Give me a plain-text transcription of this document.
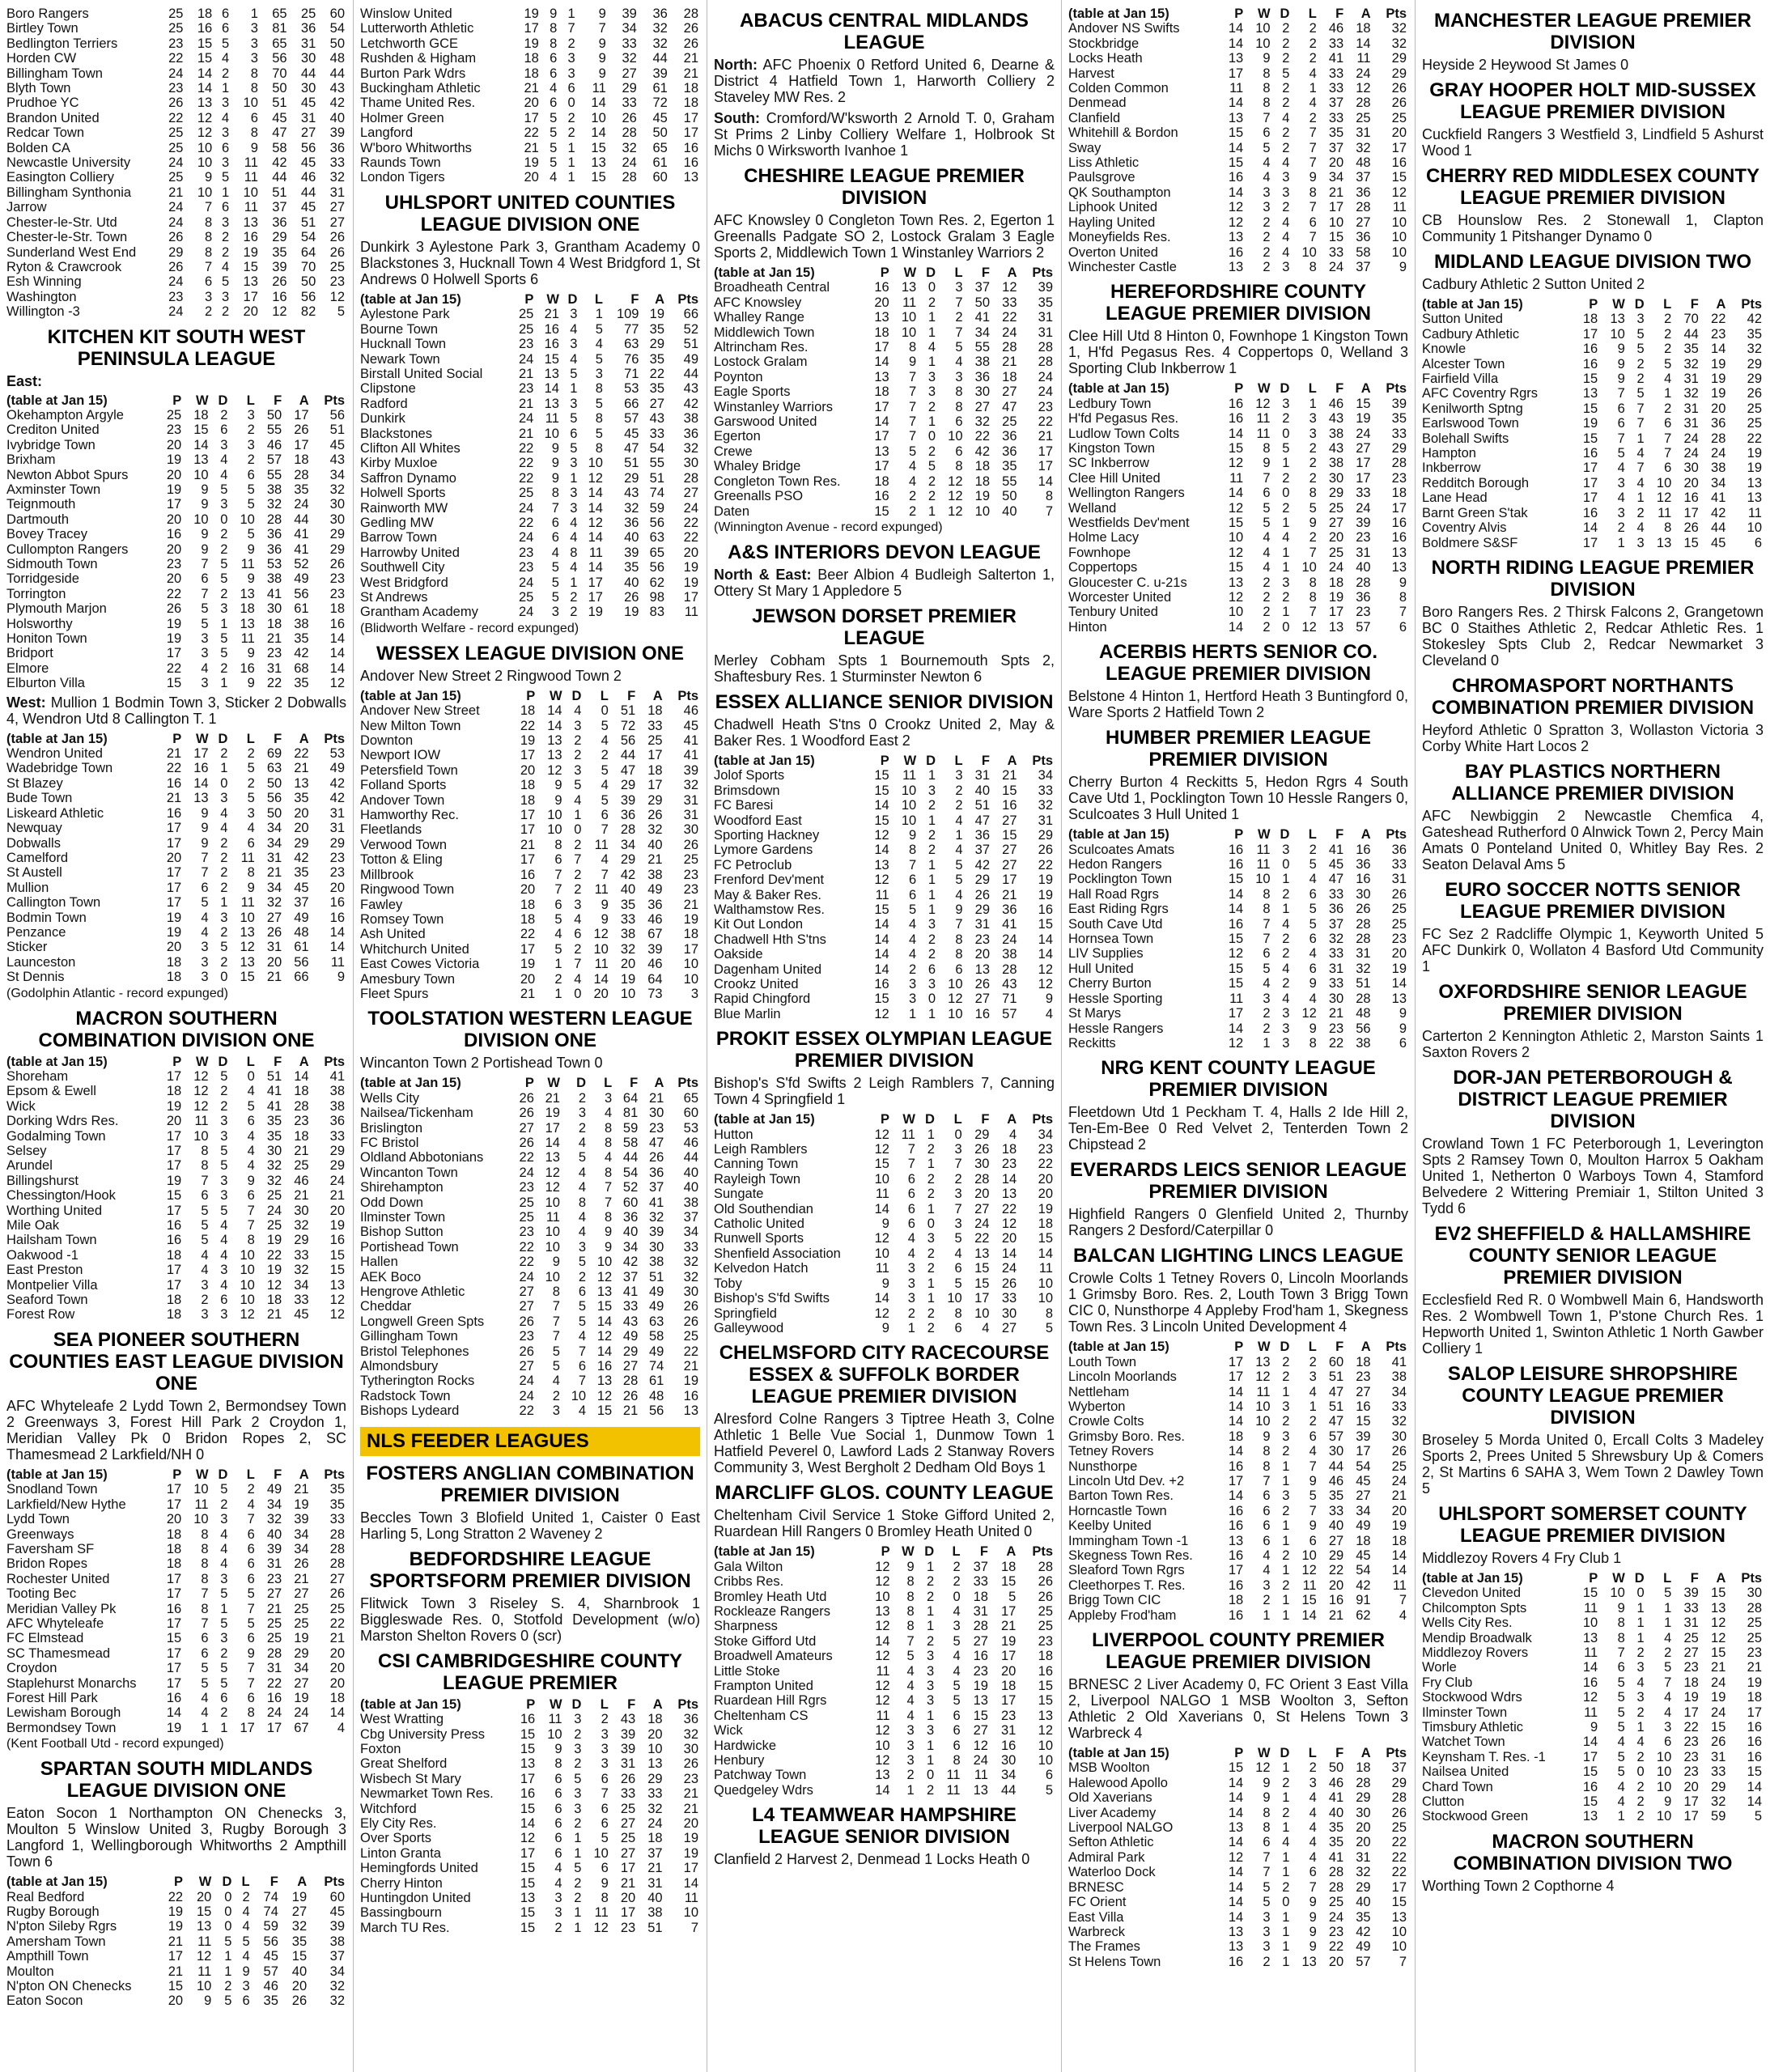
Boro Rangers	25	18	6	1	65	25	60
Birtley Town	25	16	6	3	81	36	54
Bedlington Terriers	23	15	5	3	65	31	50
Horden CW	22	15	4	3	56	30	48
Billingham Town	24	14	2	8	70	44	44
Blyth Town	23	14	1	8	50	30	43
Prudhoe YC	26	13	3	10	51	45	42
Brandon United	22	12	4	6	45	31	40
Redcar Town	25	12	3	8	47	27	39
Bolden CA	25	10	6	9	58	56	36
Newcastle University	24	10	3	11	42	45	33
Easington Colliery	25	9	5	11	44	46	32
Billingham Synthonia	21	10	1	10	51	44	31
Jarrow	24	7	6	11	37	45	27
Chester-le-Str. Utd	24	8	3	13	36	51	27
Chester-le-Str. Town	26	8	2	16	29	54	26
Sunderland West End	29	8	2	19	35	64	26
Ryton & Crawcrook	26	7	4	15	39	70	25
Esh Winning	24	6	5	13	26	50	23
Washington	23	3	3	17	16	56	12
Willington -3	24	2	2	20	12	82	5
KITCHEN KIT SOUTH WEST PENINSULA LEAGUE
East:
(table at Jan 15)	P	W	D	L	F	A	Pts
Okehampton Argyle	25	18	2	3	50	17	56
Crediton United	23	15	6	2	55	26	51
Ivybridge Town	20	14	3	3	46	17	45
Brixham	19	13	4	2	57	18	43
Newton Abbot Spurs	20	10	4	6	55	28	34
Axminster Town	19	9	5	5	38	35	32
Teignmouth	17	9	3	5	32	24	30
Dartmouth	20	10	0	10	28	44	30
Bovey Tracey	16	9	2	5	36	41	29
Cullompton Rangers	20	9	2	9	36	41	29
Sidmouth Town	23	7	5	11	53	52	26
Torridgeside	20	6	5	9	38	49	23
Torrington	22	7	2	13	41	56	23
Plymouth Marjon	26	5	3	18	30	61	18
Holsworthy	19	5	1	13	18	38	16
Honiton Town	19	3	5	11	21	35	14
Bridport	17	3	5	9	23	42	14
Elmore	22	4	2	16	31	68	14
Elburton Villa	15	3	1	9	22	35	12
West: Mullion 1 Bodmin Town 3, Sticker 2 Dobwalls 4, Wendron Utd 8 Callington T. 1
(table at Jan 15)	P	W	D	L	F	A	Pts
Wendron United	21	17	2	2	69	22	53
Wadebridge Town	22	16	1	5	63	21	49
St Blazey	16	14	0	2	50	13	42
Bude Town	21	13	3	5	56	35	42
Liskeard Athletic	16	9	4	3	50	20	31
Newquay	17	9	4	4	34	20	31
Dobwalls	17	9	2	6	34	29	29
Camelford	20	7	2	11	31	42	23
St Austell	17	7	2	8	21	35	23
Mullion	17	6	2	9	34	45	20
Callington Town	17	5	1	11	32	37	16
Bodmin Town	19	4	3	10	27	49	16
Penzance	19	4	2	13	26	48	14
Sticker	20	3	5	12	31	61	14
Launceston	18	3	2	13	20	56	11
St Dennis	18	3	0	15	21	66	9
(Godolphin Atlantic - record expunged)
MACRON SOUTHERN COMBINATION DIVISION ONE
(table at Jan 15)	P	W	D	L	F	A	Pts
Shoreham	17	12	5	0	51	14	41
Epsom & Ewell	18	12	2	4	41	18	38
Wick	19	12	2	5	41	28	38
Dorking Wdrs Res.	20	11	3	6	35	23	36
Godalming Town	17	10	3	4	35	18	33
Selsey	17	8	5	4	30	21	29
Arundel	17	8	5	4	32	25	29
Billingshurst	19	7	3	9	32	46	24
Chessington/Hook	15	6	3	6	25	21	21
Worthing United	17	5	5	7	24	30	20
Mile Oak	16	5	4	7	25	32	19
Hailsham Town	16	5	4	8	19	29	16
Oakwood -1	18	4	4	10	22	33	15
East Preston	17	4	3	10	19	32	15
Montpelier Villa	17	3	4	10	12	34	13
Seaford Town	18	2	6	10	18	33	12
Forest Row	18	3	3	12	21	45	12
SEA PIONEER SOUTHERN COUNTIES EAST LEAGUE DIVISION ONE
AFC Whyteleafe 2 Lydd Town 2, Bermondsey Town 2 Greenways 3, Forest Hill Park 2 Croydon 1, Meridian Valley Pk 0 Bridon Ropes 2, SC Thamesmead 2 Larkfield/NH 0
(table at Jan 15)	P	W	D	L	F	A	Pts
Snodland Town	17	10	5	2	49	21	35
Larkfield/New Hythe	17	11	2	4	34	19	35
Lydd Town	20	10	3	7	32	39	33
Greenways	18	8	4	6	40	34	28
Faversham SF	18	8	4	6	39	34	28
Bridon Ropes	18	8	4	6	31	26	28
Rochester United	17	8	3	6	23	21	27
Tooting Bec	17	7	5	5	27	27	26
Meridian Valley Pk	16	8	1	7	21	25	25
AFC Whyteleafe	17	7	5	5	25	25	22
FC Elmstead	15	6	3	6	25	19	21
SC Thamesmead	17	6	2	9	28	29	20
Croydon	17	5	5	7	31	34	20
Staplehurst Monarchs	17	5	5	7	22	27	20
Forest Hill Park	16	4	6	6	16	19	18
Lewisham Borough	14	4	2	8	24	24	14
Bermondsey Town	19	1	1	17	17	67	4
(Kent Football Utd - record expunged)
SPARTAN SOUTH MIDLANDS LEAGUE DIVISION ONE
Eaton Socon 1 Northampton ON Chenecks 3, Moulton 5 Winslow United 3, Rugby Borough 3 Langford 1, Wellingborough Whitworths 2 Ampthill Town 6
(table at Jan 15)	P	W	D	L	F	A	Pts
Real Bedford	22	20	0	2	74	19	60
Rugby Borough	19	15	0	4	74	27	45
N'pton Sileby Rgrs	19	13	0	4	59	32	39
Amersham Town	21	11	5	5	56	35	38
Ampthill Town	17	12	1	4	45	15	37
Moulton	21	11	1	9	57	40	34
N'pton ON Chenecks	15	10	2	3	46	20	32
Eaton Socon	20	9	5	6	35	26	32
Winslow United	19	9	1	9	39	36	28
Lutterworth Athletic	17	8	7	7	34	32	26
Letchworth GCE	19	8	2	9	33	32	26
Rushden & Higham	18	6	3	9	32	44	21
Burton Park Wdrs	18	6	3	9	27	39	21
Buckingham Athletic	21	4	6	11	29	61	18
Thame United Res.	20	6	0	14	33	72	18
Holmer Green	17	5	2	10	26	45	17
Langford	22	5	2	14	28	50	17
W'boro Whitworths	21	5	1	15	32	65	16
Raunds Town	19	5	1	13	24	61	16
London Tigers	20	4	1	15	28	60	13
UHLSPORT UNITED COUNTIES LEAGUE DIVISION ONE
Dunkirk 3 Aylestone Park 3, Grantham Academy 0 Blackstones 3, Hucknall Town 4 West Bridgford 1, St Andrews 0 Holwell Sports 6
(table at Jan 15)	P	W	D	L	F	A	Pts
Aylestone Park	25	21	3	1	109	19	66
Bourne Town	25	16	4	5	77	35	52
Hucknall Town	23	16	3	4	63	29	51
Newark Town	24	15	4	5	76	35	49
Birstall United Social	21	13	5	3	71	22	44
Clipstone	23	14	1	8	53	35	43
Radford	21	13	3	5	66	27	42
Dunkirk	24	11	5	8	57	43	38
Blackstones	21	10	6	5	45	33	36
Clifton All Whites	22	9	5	8	47	54	32
Kirby Muxloe	22	9	3	10	51	55	30
Saffron Dynamo	22	9	1	12	29	51	28
Holwell Sports	25	8	3	14	43	74	27
Rainworth MW	24	7	3	14	32	59	24
Gedling MW	22	6	4	12	36	56	22
Barrow Town	24	6	4	14	40	63	22
Harrowby United	23	4	8	11	39	65	20
Southwell City	23	5	4	14	35	56	19
West Bridgford	24	5	1	17	40	62	19
St Andrews	25	5	2	17	26	98	17
Grantham Academy	24	3	2	19	19	83	11
(Blidworth Welfare - record expunged)
WESSEX LEAGUE DIVISION ONE
Andover New Street 2 Ringwood Town 2
(table at Jan 15)	P	W	D	L	F	A	Pts
Andover New Street	18	14	4	0	51	18	46
New Milton Town	22	14	3	5	72	33	45
Downton	19	13	2	4	56	25	41
Newport IOW	17	13	2	2	44	17	41
Petersfield Town	20	12	3	5	47	18	39
Folland Sports	18	9	5	4	29	17	32
Andover Town	18	9	4	5	39	29	31
Hamworthy Rec.	17	10	1	6	36	26	31
Fleetlands	17	10	0	7	28	32	30
Verwood Town	21	8	2	11	34	40	26
Totton & Eling	17	6	7	4	29	21	25
Millbrook	16	7	2	7	42	38	23
Ringwood Town	20	7	2	11	40	49	23
Fawley	18	6	3	9	35	36	21
Romsey Town	18	5	4	9	33	46	19
Ash United	22	4	6	12	38	67	18
Whitchurch United	17	5	2	10	32	39	17
East Cowes Victoria	19	1	7	11	20	46	10
Amesbury Town	20	2	4	14	19	64	10
Fleet Spurs	21	1	0	20	10	73	3
TOOLSTATION WESTERN LEAGUE DIVISION ONE
Wincanton Town 2 Portishead Town 0
(table at Jan 15)	P	W	D	L	F	A	Pts
Wells City	26	21	2	3	64	21	65
Nailsea/Tickenham	26	19	3	4	81	30	60
Brislington	27	17	2	8	59	23	53
FC Bristol	26	14	4	8	58	47	46
Oldland Abbotonians	22	13	5	4	44	26	44
Wincanton Town	24	12	4	8	54	36	40
Shirehampton	23	12	4	7	52	37	40
Odd Down	25	10	8	7	60	41	38
Ilminster Town	25	11	4	8	36	32	37
Bishop Sutton	23	10	4	9	40	39	34
Portishead Town	22	10	3	9	34	30	33
Hallen	22	9	5	10	42	38	32
AEK Boco	24	10	2	12	37	51	32
Hengrove Athletic	27	8	6	13	41	49	30
Cheddar	27	7	5	15	33	49	26
Longwell Green Spts	26	7	5	14	43	63	26
Gillingham Town	23	7	4	12	49	58	25
Bristol Telephones	26	5	7	14	29	49	22
Almondsbury	27	5	6	16	27	74	21
Tytherington Rocks	24	4	7	13	28	61	19
Radstock Town	24	2	10	12	26	48	16
Bishops Lydeard	22	3	4	15	21	56	13
NLS FEEDER LEAGUES
FOSTERS ANGLIAN COMBINATION PREMIER DIVISION
Beccles Town 3 Blofield United 1, Caister 0 East Harling 5, Long Stratton 2 Waveney 2
BEDFORDSHIRE LEAGUE SPORTSFORM PREMIER DIVISION
Flitwick Town 3 Riseley S. 4, Sharnbrook 1 Biggleswade Res. 0, Stotfold Development (w/o) Marston Shelton Rovers 0 (scr)
CSI CAMBRIDGESHIRE COUNTY LEAGUE PREMIER
(table at Jan 15)	P	W	D	L	F	A	Pts
West Wratting	16	11	3	2	43	18	36
Cbg University Press	15	10	2	3	39	20	32
Foxton	15	9	3	3	39	10	30
Great Shelford	13	8	2	3	31	13	26
Wisbech St Mary	17	6	5	6	26	29	23
Newmarket Town Res.	16	6	3	7	33	33	21
Witchford	15	6	3	6	25	32	21
Ely City Res.	14	6	2	6	27	24	20
Over Sports	12	6	1	5	25	18	19
Linton Granta	17	6	1	10	27	37	19
Hemingfords United	15	4	5	6	17	21	17
Cherry Hinton	15	4	2	9	21	31	14
Huntingdon United	13	3	2	8	20	40	11
Bassingbourn	15	3	1	11	17	38	10
March TU Res.	15	2	1	12	23	51	7
ABACUS CENTRAL MIDLANDS LEAGUE
North: AFC Phoenix 0 Retford United 6, Dearne & District 4 Hatfield Town 1, Harworth Colliery 2 Staveley MW Res. 2
South: Cromford/W'ksworth 2 Arnold T. 0, Graham St Prims 2 Linby Colliery Welfare 1, Holbrook St Michs 0 Wirksworth Ivanhoe 1
CHESHIRE LEAGUE PREMIER DIVISION
AFC Knowsley 0 Congleton Town Res. 2, Egerton 1 Greenalls Padgate SO 2, Lostock Gralam 3 Eagle Sports 2, Middlewich Town 1 Winstanley Warriors 2
(table at Jan 15)	P	W	D	L	F	A	Pts
Broadheath Central	16	13	0	3	37	12	39
AFC Knowsley	20	11	2	7	50	33	35
Whalley Range	13	10	1	2	41	22	31
Middlewich Town	18	10	1	7	34	24	31
Altrincham Res.	17	8	4	5	55	28	28
Lostock Gralam	14	9	1	4	38	21	28
Poynton	13	7	3	3	36	18	24
Eagle Sports	18	7	3	8	30	27	24
Winstanley Warriors	17	7	2	8	27	47	23
Garswood United	14	7	1	6	32	25	22
Egerton	17	7	0	10	22	36	21
Crewe	13	5	2	6	42	36	17
Whaley Bridge	17	4	5	8	18	35	17
Congleton Town Res.	18	4	2	12	18	55	14
Greenalls PSO	16	2	2	12	19	50	8
Daten	15	2	1	12	10	40	7
(Winnington Avenue - record expunged)
A&S INTERIORS DEVON LEAGUE
North & East: Beer Albion 4 Budleigh Salterton 1, Ottery St Mary 1 Appledore 5
JEWSON DORSET PREMIER LEAGUE
Merley Cobham Spts 1 Bournemouth Spts 2, Shaftesbury Res. 1 Sturminster Newton 6
ESSEX ALLIANCE SENIOR DIVISION
Chadwell Heath S'tns 0 Crookz United 2, May & Baker Res. 1 Woodford East 2
(table at Jan 15)	P	W	D	L	F	A	Pts
Jolof Sports	15	11	1	3	31	21	34
Brimsdown	15	10	3	2	40	15	33
FC Baresi	14	10	2	2	51	16	32
Woodford East	15	10	1	4	47	27	31
Sporting Hackney	12	9	2	1	36	15	29
Lymore Gardens	14	8	2	4	37	27	26
FC Petroclub	13	7	1	5	42	27	22
Frenford Dev'ment	12	6	1	5	29	17	19
May & Baker Res.	11	6	1	4	26	21	19
Walthamstow Res.	15	5	1	9	29	36	16
Kit Out London	14	4	3	7	31	41	15
Chadwell Hth S'tns	14	4	2	8	23	24	14
Oakside	14	4	2	8	20	38	14
Dagenham United	14	2	6	6	13	28	12
Crookz United	16	3	3	10	26	43	12
Rapid Chingford	15	3	0	12	27	71	9
Blue Marlin	12	1	1	10	16	57	4
PROKIT ESSEX OLYMPIAN LEAGUE PREMIER DIVISION
Bishop's S'fd Swifts 2 Leigh Ramblers 7, Canning Town 4 Springfield 1
(table at Jan 15)	P	W	D	L	F	A	Pts
Hutton	12	11	1	0	29	4	34
Leigh Ramblers	12	7	2	3	26	18	23
Canning Town	15	7	1	7	30	23	22
Rayleigh Town	10	6	2	2	28	14	20
Sungate	11	6	2	3	20	13	20
Old Southendian	14	6	1	7	27	22	19
Catholic United	9	6	0	3	24	12	18
Runwell Sports	12	4	3	5	22	20	15
Shenfield Association	10	4	2	4	13	14	14
Kelvedon Hatch	11	3	2	6	15	24	11
Toby	9	3	1	5	15	26	10
Bishop's S'fd Swifts	14	3	1	10	17	33	10
Springfield	12	2	2	8	10	30	8
Galleywood	9	1	2	6	4	27	5
CHELMSFORD CITY RACECOURSE ESSEX & SUFFOLK BORDER LEAGUE PREMIER DIVISION
Alresford Colne Rangers 3 Tiptree Heath 3, Colne Athletic 1 Belle Vue Social 1, Dunmow Town 1 Hatfield Peverel 0, Lawford Lads 2 Stanway Rovers Community 3, West Bergholt 2 Dedham Old Boys 1
MARCLIFF GLOS. COUNTY LEAGUE
Cheltenham Civil Service 1 Stoke Gifford United 2, Ruardean Hill Rangers 0 Bromley Heath United 0
(table at Jan 15)	P	W	D	L	F	A	Pts
Gala Wilton	12	9	1	2	37	18	28
Cribbs Res.	12	8	2	2	33	15	26
Bromley Heath Utd	10	8	2	0	18	5	26
Rockleaze Rangers	13	8	1	4	31	17	25
Sharpness	12	8	1	3	28	21	25
Stoke Gifford Utd	14	7	2	5	27	19	23
Broadwell Amateurs	12	5	3	4	16	17	18
Little Stoke	11	4	3	4	23	20	16
Frampton United	12	4	3	5	19	18	15
Ruardean Hill Rgrs	12	4	3	5	13	17	15
Cheltenham CS	11	4	1	6	15	23	13
Wick	12	3	3	6	27	31	12
Hardwicke	10	3	1	6	12	16	10
Henbury	12	3	1	8	24	30	10
Patchway Town	13	2	0	11	11	34	6
Quedgeley Wdrs	14	1	2	11	13	44	5
L4 TEAMWEAR HAMPSHIRE LEAGUE SENIOR DIVISION
Clanfield 2 Harvest 2, Denmead 1 Locks Heath 0
(table at Jan 15)	P	W	D	L	F	A	Pts
Andover NS Swifts	14	10	2	2	46	18	32
Stockbridge	14	10	2	2	33	14	32
Locks Heath	13	9	2	2	41	11	29
Harvest	17	8	5	4	33	24	29
Colden Common	11	8	2	1	33	12	26
Denmead	14	8	2	4	37	28	26
Clanfield	13	7	4	2	33	25	25
Whitehill & Bordon	15	6	2	7	35	31	20
Sway	14	5	2	7	37	32	17
Liss Athletic	15	4	4	7	20	48	16
Paulsgrove	16	4	3	9	34	37	15
QK Southampton	14	3	3	8	21	36	12
Liphook United	12	3	2	7	17	28	11
Hayling United	12	2	4	6	10	27	10
Moneyfields Res.	13	2	4	7	15	36	10
Overton United	16	2	4	10	33	58	10
Winchester Castle	13	2	3	8	24	37	9
HEREFORDSHIRE COUNTY LEAGUE PREMIER DIVISION
Clee Hill Utd 8 Hinton 0, Fownhope 1 Kingston Town 1, H'fd Pegasus Res. 4 Coppertops 0, Welland 3 Sporting Club Inkberrow 1
(table at Jan 15)	P	W	D	L	F	A	Pts
Ledbury Town	16	12	3	1	46	15	39
H'fd Pegasus Res.	16	11	2	3	43	19	35
Ludlow Town Colts	14	11	0	3	38	24	33
Kingston Town	15	8	5	2	43	27	29
SC Inkberrow	12	9	1	2	38	17	28
Clee Hill United	11	7	2	2	30	17	23
Wellington Rangers	14	6	0	8	29	33	18
Welland	12	5	2	5	25	24	17
Westfields Dev'ment	15	5	1	9	27	39	16
Holme Lacy	10	4	4	2	20	23	16
Fownhope	12	4	1	7	25	31	13
Coppertops	15	4	1	10	24	40	13
Gloucester C. u-21s	13	2	3	8	18	28	9
Worcester United	12	2	2	8	19	36	8
Tenbury United	10	2	1	7	17	23	7
Hinton	14	2	0	12	13	57	6
ACERBIS HERTS SENIOR CO. LEAGUE PREMIER DIVISION
Belstone 4 Hinton 1, Hertford Heath 3 Buntingford 0, Ware Sports 2 Hatfield Town 2
HUMBER PREMIER LEAGUE PREMIER DIVISION
Cherry Burton 4 Reckitts 5, Hedon Rgrs 4 South Cave Utd 1, Pocklington Town 10 Hessle Rangers 0, Sculcoates 3 Hull United 1
(table at Jan 15)	P	W	D	L	F	A	Pts
Sculcoates Amats	16	11	3	2	41	16	36
Hedon Rangers	16	11	0	5	45	36	33
Pocklington Town	15	10	1	4	47	16	31
Hall Road Rgrs	14	8	2	6	33	30	26
East Riding Rgrs	14	8	1	5	36	26	25
South Cave Utd	16	7	4	5	37	28	25
Hornsea Town	15	7	2	6	32	28	23
LIV Supplies	12	6	2	4	33	31	20
Hull United	15	5	4	6	31	32	19
Cherry Burton	15	4	2	9	33	51	14
Hessle Sporting	11	3	4	4	30	28	13
St Marys	17	2	3	12	21	48	9
Hessle Rangers	14	2	3	9	23	56	9
Reckitts	12	1	3	8	22	38	6
NRG KENT COUNTY LEAGUE PREMIER DIVISION
Fleetdown Utd 1 Peckham T. 4, Halls 2 Ide Hill 2, Ten-Em-Bee 0 Red Velvet 2, Tenterden Town 2 Chipstead 2
EVERARDS LEICS SENIOR LEAGUE PREMIER DIVISION
Highfield Rangers 0 Glenfield United 2, Thurnby Rangers 2 Desford/Caterpillar 0
BALCAN LIGHTING LINCS LEAGUE
Crowle Colts 1 Tetney Rovers 0, Lincoln Moorlands 1 Grimsby Boro. Res. 2, Louth Town 3 Brigg Town CIC 0, Nunsthorpe 4 Appleby Frod'ham 1, Skegness Town Res. 3 Lincoln United Development 4
(table at Jan 15)	P	W	D	L	F	A	Pts
Louth Town	17	13	2	2	60	18	41
Lincoln Moorlands	17	12	2	3	51	23	38
Nettleham	14	11	1	4	47	27	34
Wyberton	14	10	3	1	51	16	33
Crowle Colts	14	10	2	2	47	15	32
Grimsby Boro. Res.	18	9	3	6	57	39	30
Tetney Rovers	14	8	2	4	30	17	26
Nunsthorpe	16	8	1	7	44	54	25
Lincoln Utd Dev. +2	17	7	1	9	46	45	24
Barton Town Res.	14	6	3	5	35	27	21
Horncastle Town	16	6	2	7	33	34	20
Keelby United	16	6	1	9	40	49	19
Immingham Town -1	13	6	1	6	27	18	18
Skegness Town Res.	16	4	2	10	29	45	14
Sleaford Town Rgrs	17	4	1	12	22	54	14
Cleethorpes T. Res.	16	3	2	11	20	42	11
Brigg Town CIC	18	2	1	15	16	91	7
Appleby Frod'ham	16	1	1	14	21	62	4
LIVERPOOL COUNTY PREMIER LEAGUE PREMIER DIVISION
BRNESC 2 Liver Academy 0, FC Orient 3 East Villa 2, Liverpool NALGO 1 MSB Woolton 3, Sefton Athletic 2 Old Xaverians 0, St Helens Town 3 Warbreck 4
(table at Jan 15)	P	W	D	L	F	A	Pts
MSB Woolton	15	12	1	2	50	18	37
Halewood Apollo	14	9	2	3	46	28	29
Old Xaverians	14	9	1	4	41	29	28
Liver Academy	14	8	2	4	40	30	26
Liverpool NALGO	13	8	1	4	35	20	25
Sefton Athletic	14	6	4	4	35	20	22
Admiral Park	12	7	1	4	41	31	22
Waterloo Dock	14	7	1	6	28	32	22
BRNESC	14	5	2	7	28	29	17
FC Orient	14	5	0	9	25	40	15
East Villa	14	3	1	9	24	35	13
Warbreck	13	3	1	9	23	42	10
The Frames	13	3	1	9	22	49	10
St Helens Town	16	2	1	13	20	57	7
MANCHESTER LEAGUE PREMIER DIVISION
Heyside 2 Heywood St James 0
GRAY HOOPER HOLT MID-SUSSEX LEAGUE PREMIER DIVISION
Cuckfield Rangers 3 Westfield 3, Lindfield 5 Ashurst Wood 1
CHERRY RED MIDDLESEX COUNTY LEAGUE PREMIER DIVISION
CB Hounslow Res. 2 Stonewall 1, Clapton Community 1 Pitshanger Dynamo 0
MIDLAND LEAGUE DIVISION TWO
Cadbury Athletic 2 Sutton United 2
(table at Jan 15)	P	W	D	L	F	A	Pts
Sutton United	18	13	3	2	70	22	42
Cadbury Athletic	17	10	5	2	44	23	35
Knowle	16	9	5	2	35	14	32
Alcester Town	16	9	2	5	32	19	29
Fairfield Villa	15	9	2	4	31	19	29
AFC Coventry Rgrs	13	7	5	1	32	19	26
Kenilworth Sptng	15	6	7	2	31	20	25
Earlswood Town	19	6	7	6	31	36	25
Bolehall Swifts	15	7	1	7	24	28	22
Hampton	16	5	4	7	24	24	19
Inkberrow	17	4	7	6	30	38	19
Redditch Borough	17	3	4	10	20	34	13
Lane Head	17	4	1	12	16	41	13
Barnt Green S'tak	16	3	2	11	17	42	11
Coventry Alvis	14	2	4	8	26	44	10
Boldmere S&SF	17	1	3	13	15	45	6
NORTH RIDING LEAGUE PREMIER DIVISION
Boro Rangers Res. 2 Thirsk Falcons 2, Grangetown BC 0 Staithes Athletic 2, Redcar Athletic Res. 1 Stokesley Spts Club 2, Redcar Newmarket 3 Cleveland 0
CHROMASPORT NORTHANTS COMBINATION PREMIER DIVISION
Heyford Athletic 0 Spratton 3, Wollaston Victoria 3 Corby White Hart Locos 2
BAY PLASTICS NORTHERN ALLIANCE PREMIER DIVISION
AFC Newbiggin 2 Newcastle Chemfica 4, Gateshead Rutherford 0 Alnwick Town 2, Percy Main Amats 0 Ponteland United 0, Whitley Bay Res. 2 Seaton Delaval Ams 5
EURO SOCCER NOTTS SENIOR LEAGUE PREMIER DIVISION
FC Sez 2 Radcliffe Olympic 1, Keyworth United 5 AFC Dunkirk 0, Wollaton 4 Basford Utd Community 1
OXFORDSHIRE SENIOR LEAGUE PREMIER DIVISION
Carterton 2 Kennington Athletic 2, Marston Saints 1 Saxton Rovers 2
DOR-JAN PETERBOROUGH & DISTRICT LEAGUE PREMIER DIVISION
Crowland Town 1 FC Peterborough 1, Leverington Spts 2 Ramsey Town 0, Moulton Harrox 5 Oakham United 1, Netherton 0 Warboys Town 4, Stamford Belvedere 2 Wittering Premiair 1, Stilton United 3 Tydd 6
EV2 SHEFFIELD & HALLAMSHIRE COUNTY SENIOR LEAGUE PREMIER DIVISION
Ecclesfield Red R. 0 Wombwell Main 6, Handsworth Res. 2 Wombwell Town 1, P'stone Church Res. 1 Hepworth United 1, Swinton Athletic 1 North Gawber Colliery 1
SALOP LEISURE SHROPSHIRE COUNTY LEAGUE PREMIER DIVISION
Broseley 5 Morda United 0, Ercall Colts 3 Madeley Sports 2, Prees United 5 Shrewsbury Up & Comers 2, St Martins 6 SAHA 3, Wem Town 2 Dawley Town 5
UHLSPORT SOMERSET COUNTY LEAGUE PREMIER DIVISION
Middlezoy Rovers 4 Fry Club 1
(table at Jan 15)	P	W	D	L	F	A	Pts
Clevedon United	15	10	0	5	39	15	30
Chilcompton Spts	11	9	1	1	33	13	28
Wells City Res.	10	8	1	1	31	12	25
Mendip Broadwalk	13	8	1	4	25	12	25
Middlezoy Rovers	11	7	2	2	27	15	23
Worle	14	6	3	5	23	21	21
Fry Club	16	5	4	7	18	24	19
Stockwood Wdrs	12	5	3	4	19	19	18
Ilminster Town	11	5	2	4	17	24	17
Timsbury Athletic	9	5	1	3	22	15	16
Watchet Town	14	4	4	6	23	26	16
Keynsham T. Res. -1	17	5	2	10	23	31	16
Nailsea United	15	5	0	10	23	33	15
Chard Town	16	4	2	10	20	29	14
Clutton	15	4	2	9	17	32	14
Stockwood Green	13	1	2	10	17	59	5
MACRON SOUTHERN COMBINATION DIVISION TWO
Worthing Town 2 Copthorne 4
